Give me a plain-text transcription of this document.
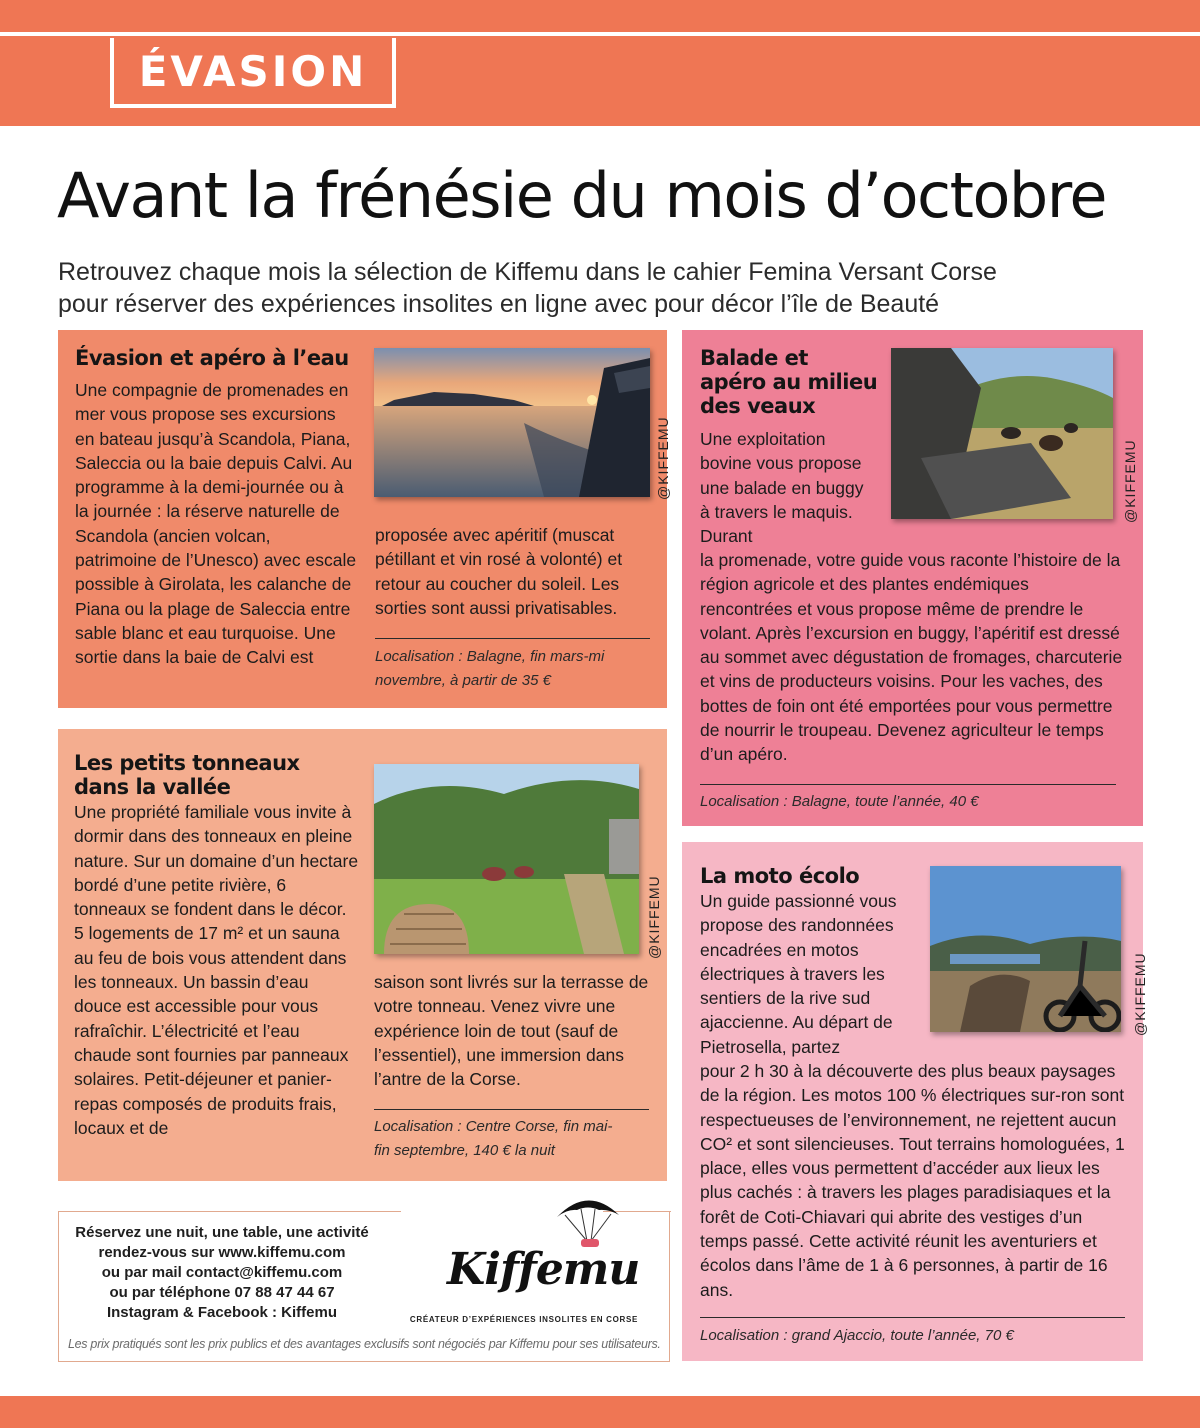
ÉVASION
Avant la frénésie du mois d’octobre
Retrouvez chaque mois la sélection de Kiffemu dans le cahier Femina Versant Corse
pour réserver des expériences insolites en ligne avec pour décor l’île de Beauté
Évasion et apéro à l’eau
Une compagnie de promenades en mer vous propose ses excursions en bateau jusqu’à Scandola, Piana, Saleccia ou la baie depuis Calvi. Au programme à la demi-journée ou à la journée : la réserve naturelle de Scandola (ancien volcan, patrimoine de l’Unesco) avec escale possible à Girolata, les calanche de Piana ou la plage de Saleccia entre sable blanc et eau turquoise. Une sortie dans la baie de Calvi est
@KIFFEMU
proposée avec apéritif (muscat pétillant et vin rosé à volonté) et retour au coucher du soleil. Les sorties sont aussi privatisables.
Localisation : Balagne, fin mars-mi novembre, à partir de 35 €
Balade et apéro au milieu des veaux
@KIFFEMU
Une exploitation bovine vous propose une balade en buggy à travers le maquis. Durant
la promenade, votre guide vous raconte l’histoire de la région agricole et des plantes endémiques rencontrées et vous propose même de prendre le volant. Après l’excursion en buggy, l’apéritif est dressé au sommet avec dégustation de fromages, charcuterie et vins de producteurs voisins. Pour les vaches, des bottes de foin ont été emportées pour vous permettre de nourrir le troupeau. Devenez agriculteur le temps d’un apéro.
Localisation : Balagne, toute l’année, 40 €
Les petits tonneaux dans la vallée
Une propriété familiale vous invite à dormir dans des tonneaux en pleine nature. Sur un domaine d’un hectare bordé d’une petite rivière, 6 tonneaux se fondent dans le décor. 5 logements de 17 m² et un sauna au feu de bois vous attendent dans les tonneaux. Un bassin d’eau douce est accessible pour vous rafraîchir. L’électricité et l’eau chaude sont fournies par panneaux solaires. Petit-déjeuner et panier-repas composés de produits frais, locaux et de
@KIFFEMU
saison sont livrés sur la terrasse de votre tonneau. Venez vivre une expérience loin de tout (sauf de l’essentiel), une immersion dans l’antre de la Corse.
Localisation : Centre Corse, fin mai-fin septembre, 140 € la nuit
La moto écolo
Un guide passionné vous propose des randonnées encadrées en motos électriques à travers les sentiers de la rive sud ajaccienne. Au départ de Pietrosella, partez
@KIFFEMU
pour 2 h 30 à la découverte des plus beaux paysages de la région. Les motos 100 % électriques sur-ron sont respectueuses de l’environnement, ne rejettent aucun CO² et sont silencieuses. Tout terrains homologuées, 1 place, elles vous permettent d’accéder aux lieux les plus cachés : à travers les plages paradisiaques et la forêt de Coti-Chiavari qui abrite des vestiges d’un temps passé. Cette activité réunit les aventuriers et écolos dans l’âme de 1 à 6 personnes, à partir de 16 ans.
Localisation : grand Ajaccio, toute l’année, 70 €
Réservez une nuit, une table, une activité
rendez-vous sur www.kiffemu.com
ou par mail contact@kiffemu.com
ou par téléphone 07 88 47 44 67
Instagram & Facebook : Kiffemu
Kiffemu
CRÉATEUR D’EXPÉRIENCES INSOLITES EN CORSE
Les prix pratiqués sont les prix publics et des avantages exclusifs sont négociés par Kiffemu pour ses utilisateurs.
